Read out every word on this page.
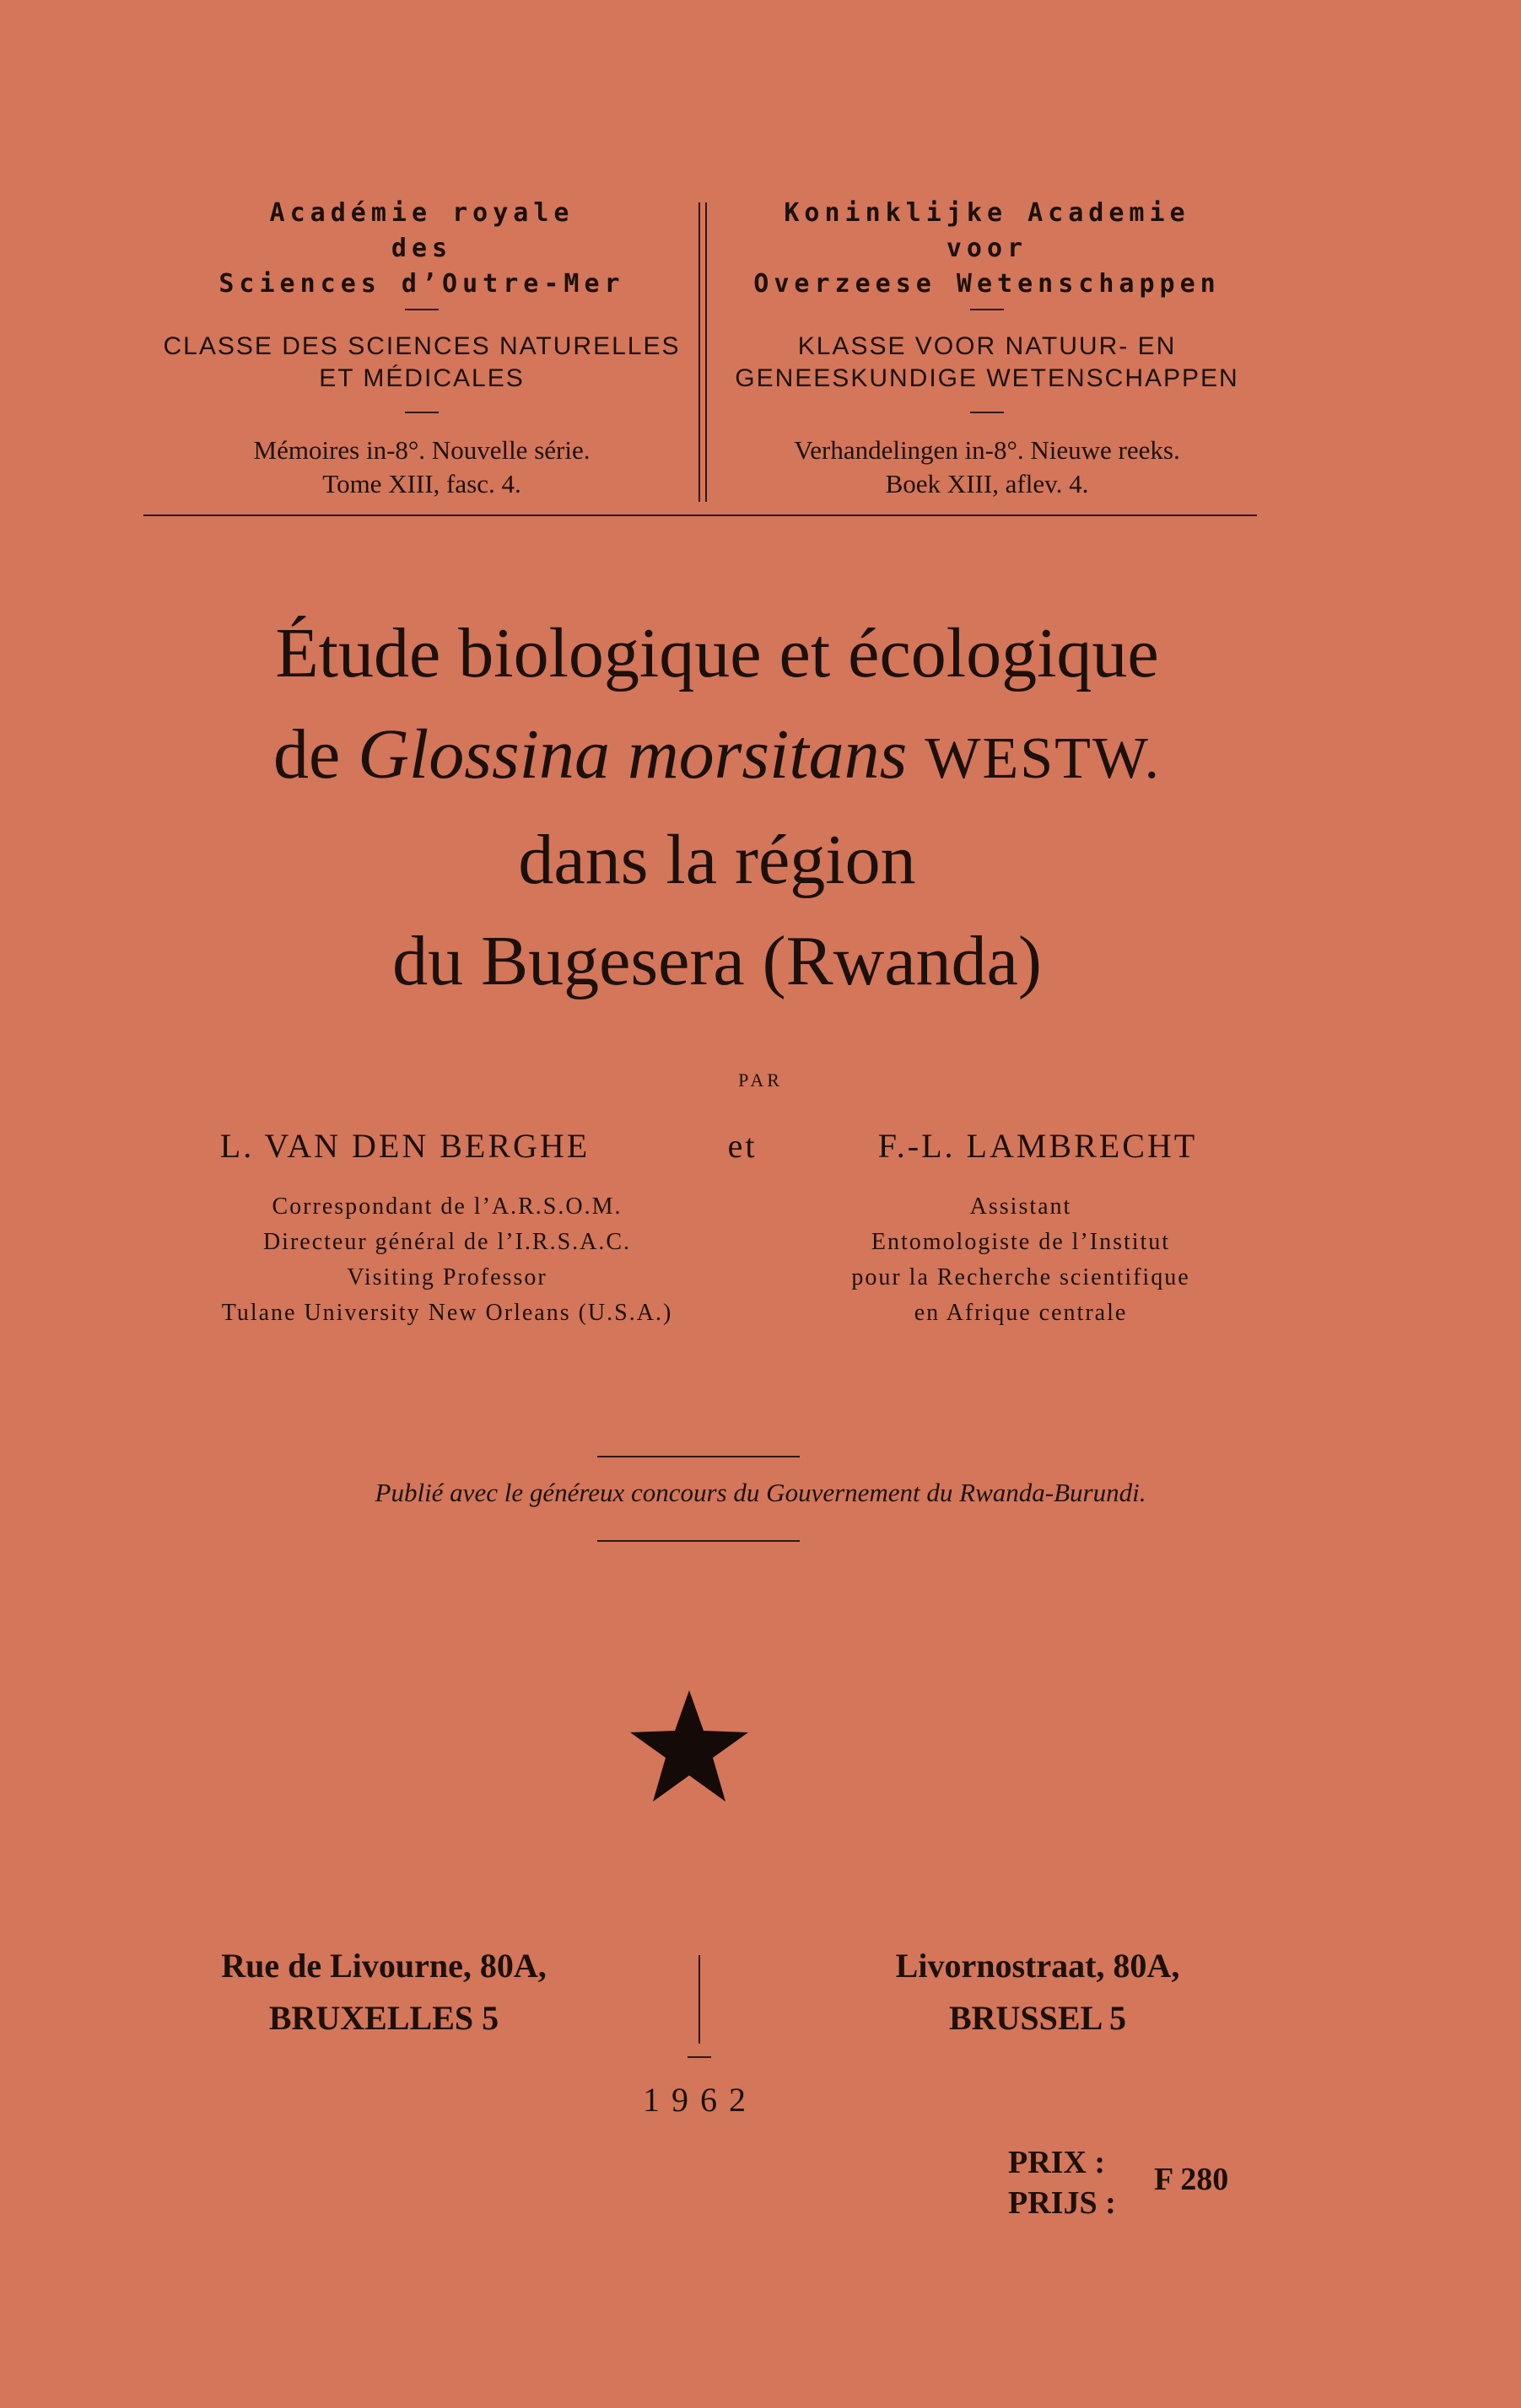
Académie royale
des
Sciences d’Outre-Mer
CLASSE DES SCIENCES NATURELLES
ET MÉDICALES
Mémoires in-8°. Nouvelle série.
Tome XIII, fasc. 4.
Koninklijke Academie
voor
Overzeese Wetenschappen
KLASSE VOOR NATUUR- EN
GENEESKUNDIGE WETENSCHAPPEN
Verhandelingen in-8°. Nieuwe reeks.
Boek XIII, aflev. 4.
Étude biologique et écologique
de Glossina morsitans WESTW.
dans la région
du Bugesera (Rwanda)
PAR
L. VAN DEN BERGHE	et	F.-L. LAMBRECHT
Correspondant de l’A.R.S.O.M.
Directeur général de l’I.R.S.A.C.
Visiting Professor
Tulane University New Orleans (U.S.A.)
Assistant
Entomologiste de l’Institut
pour la Recherche scientifique
en Afrique centrale
Publié avec le généreux concours du Gouvernement du Rwanda-Burundi.
Rue de Livourne, 80A,
BRUXELLES 5
Livornostraat, 80A,
BRUSSEL 5
1962
PRIX :
PRIJS :
F 280
